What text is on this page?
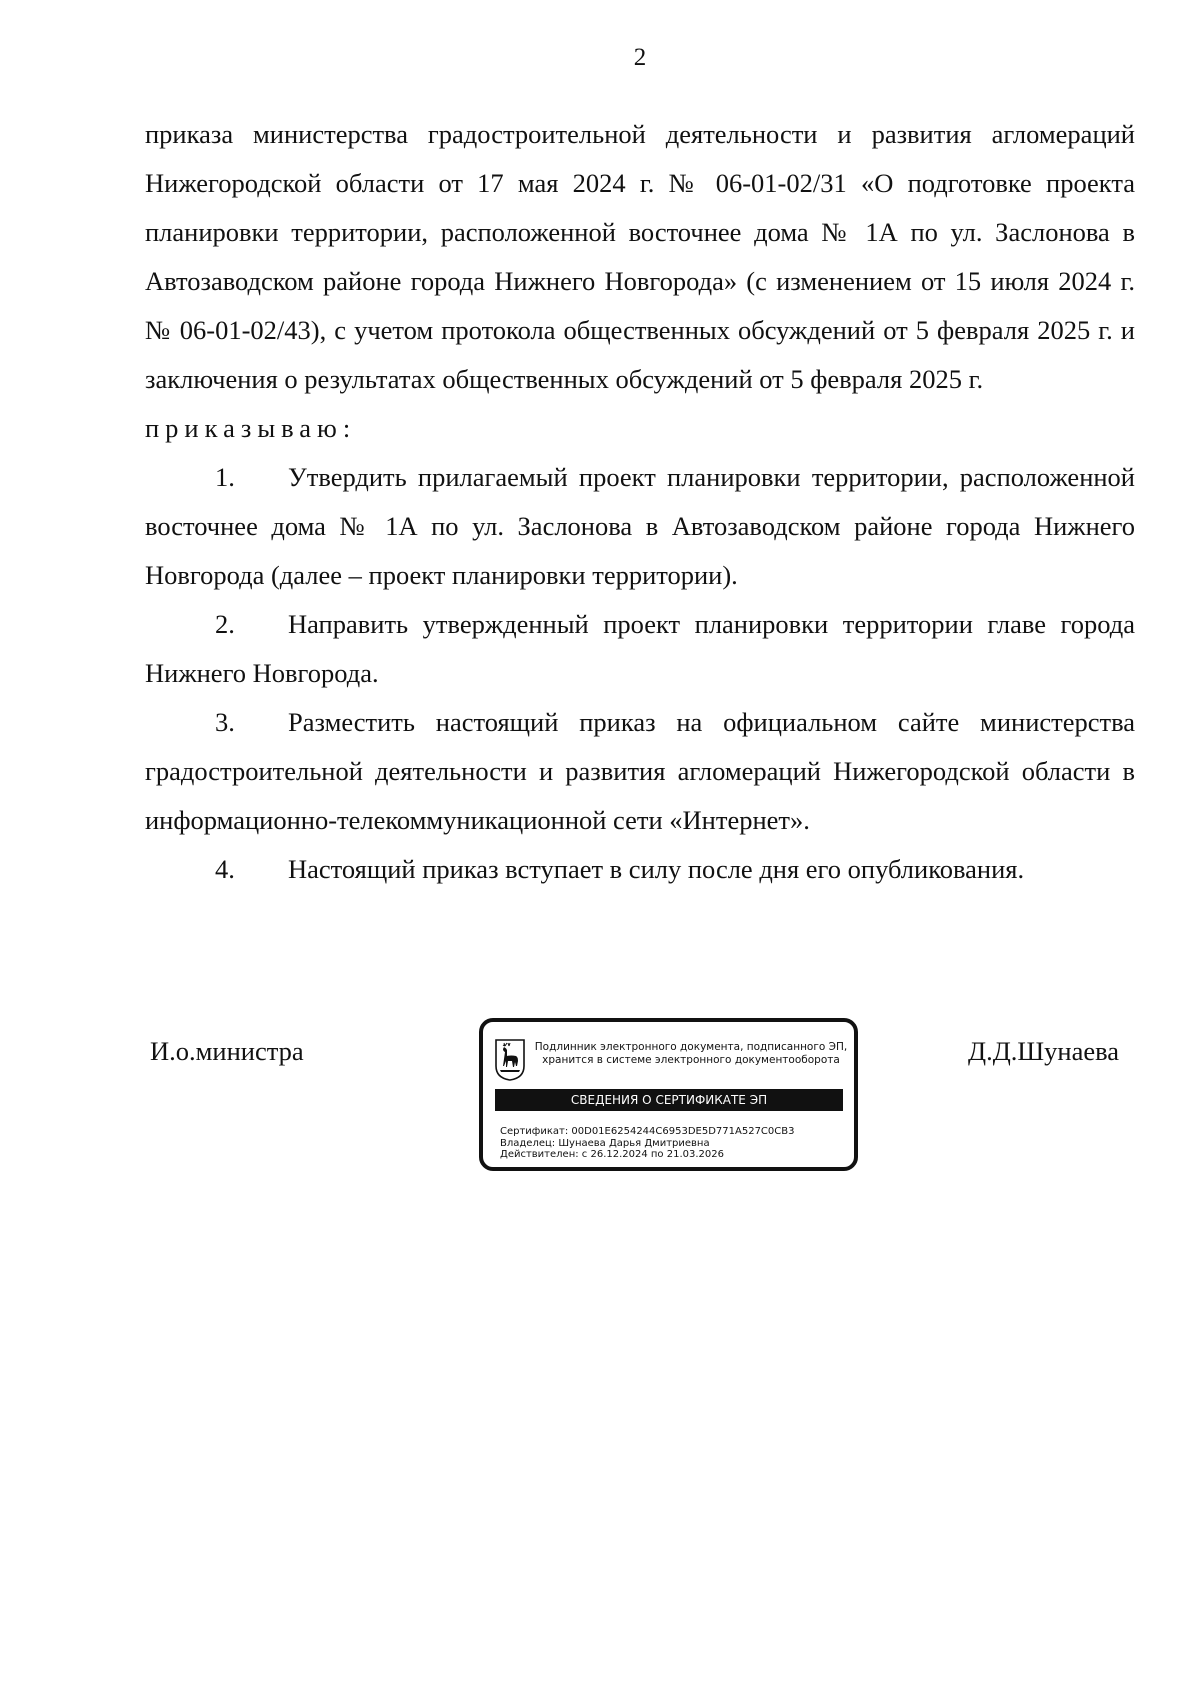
2

приказа министерства градостроительной деятельности и развития агломераций Нижегородской области от 17 мая 2024 г. № 06-01-02/31 «О подготовке проекта планировки территории, расположенной восточнее дома № 1А по ул. Заслонова в Автозаводском районе города Нижнего Новгорода» (с изменением от 15 июля 2024 г. № 06-01-02/43), с учетом протокола общественных обсуждений от 5 февраля 2025 г. и заключения о результатах общественных обсуждений от 5 февраля 2025 г.

приказываю:

1. Утвердить прилагаемый проект планировки территории, расположенной восточнее дома № 1А по ул. Заслонова в Автозаводском районе города Нижнего Новгорода (далее – проект планировки территории).

2. Направить утвержденный проект планировки территории главе города Нижнего Новгорода.

3. Разместить настоящий приказ на официальном сайте министерства градостроительной деятельности и развития агломераций Нижегородской области в информационно-телекоммуникационной сети «Интернет».

4. Настоящий приказ вступает в силу после дня его опубликования.

И.о.министра	Подлинник электронного документа, подписанного ЭП,
хранится в системе электронного документооборота
СВЕДЕНИЯ О СЕРТИФИКАТЕ ЭП
Сертификат: 00D01E6254244C6953DE5D771A527C0CB3
Владелец: Шунаева Дарья Дмитриевна
Действителен: с 26.12.2024 по 21.03.2026
Д.Д.Шунаева
